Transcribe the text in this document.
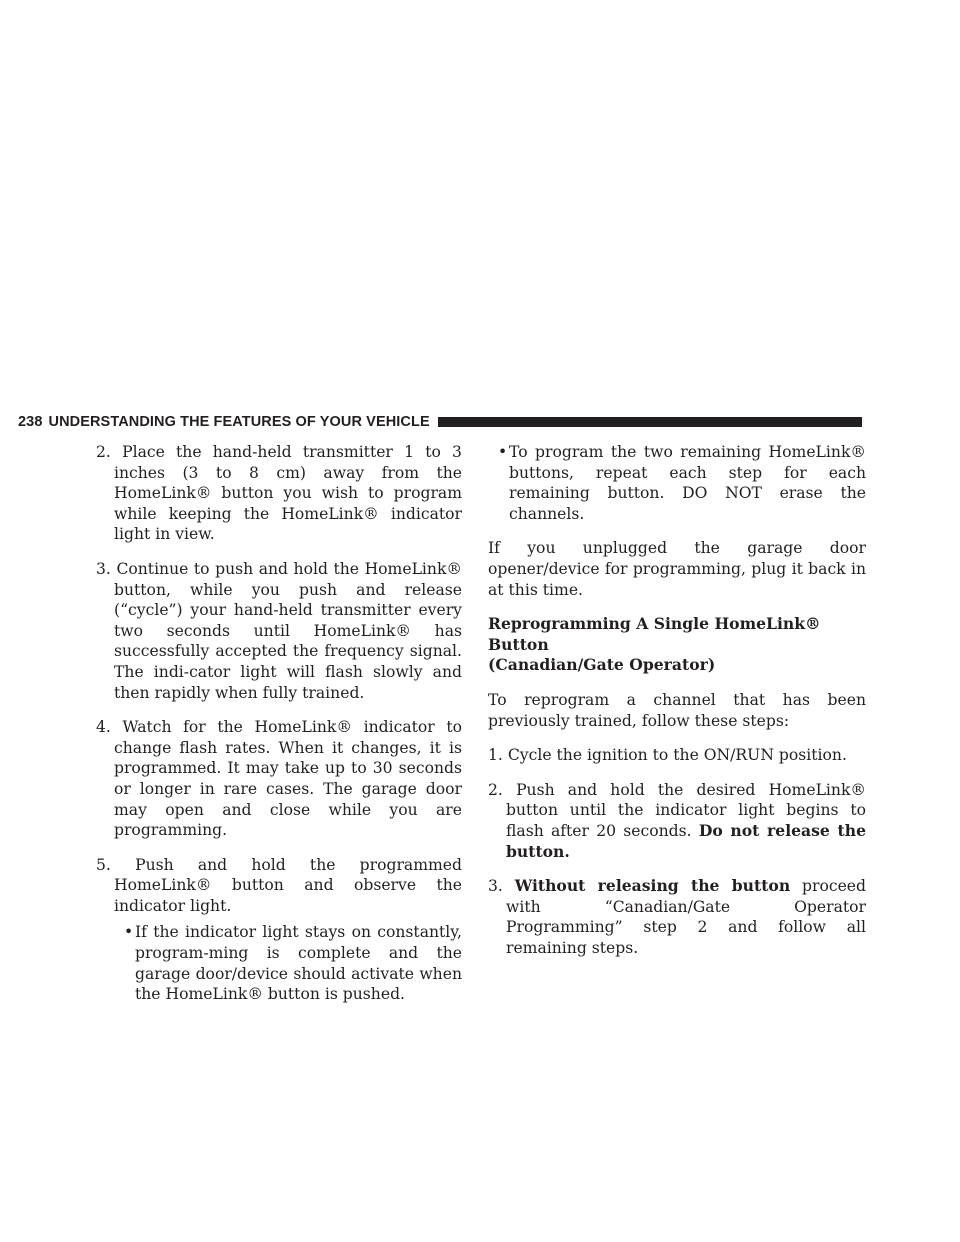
238 UNDERSTANDING THE FEATURES OF YOUR VEHICLE

2. Place the hand-held transmitter 1 to 3 inches (3 to 8 cm) away from the HomeLink® button you wish to program while keeping the HomeLink® indicator light in view.

3. Continue to push and hold the HomeLink® button, while you push and release (“cycle”) your hand-held transmitter every two seconds until HomeLink® has successfully accepted the frequency signal. The indi-cator light will flash slowly and then rapidly when fully trained.

4. Watch for the HomeLink® indicator to change flash rates. When it changes, it is programmed. It may take up to 30 seconds or longer in rare cases. The garage door may open and close while you are programming.

5. Push and hold the programmed HomeLink® button and observe the indicator light.

• If the indicator light stays on constantly, program-ming is complete and the garage door/device should activate when the HomeLink® button is pushed.

• To program the two remaining HomeLink® buttons, repeat each step for each remaining button. DO NOT erase the channels.

If you unplugged the garage door opener/device for programming, plug it back in at this time.

Reprogramming A Single HomeLink® Button
(Canadian/Gate Operator)

To reprogram a channel that has been previously trained, follow these steps:

1. Cycle the ignition to the ON/RUN position.

2. Push and hold the desired HomeLink® button until the indicator light begins to flash after 20 seconds. Do not release the button.

3. Without releasing the button proceed with “Canadian/Gate Operator Programming” step 2 and follow all remaining steps.
